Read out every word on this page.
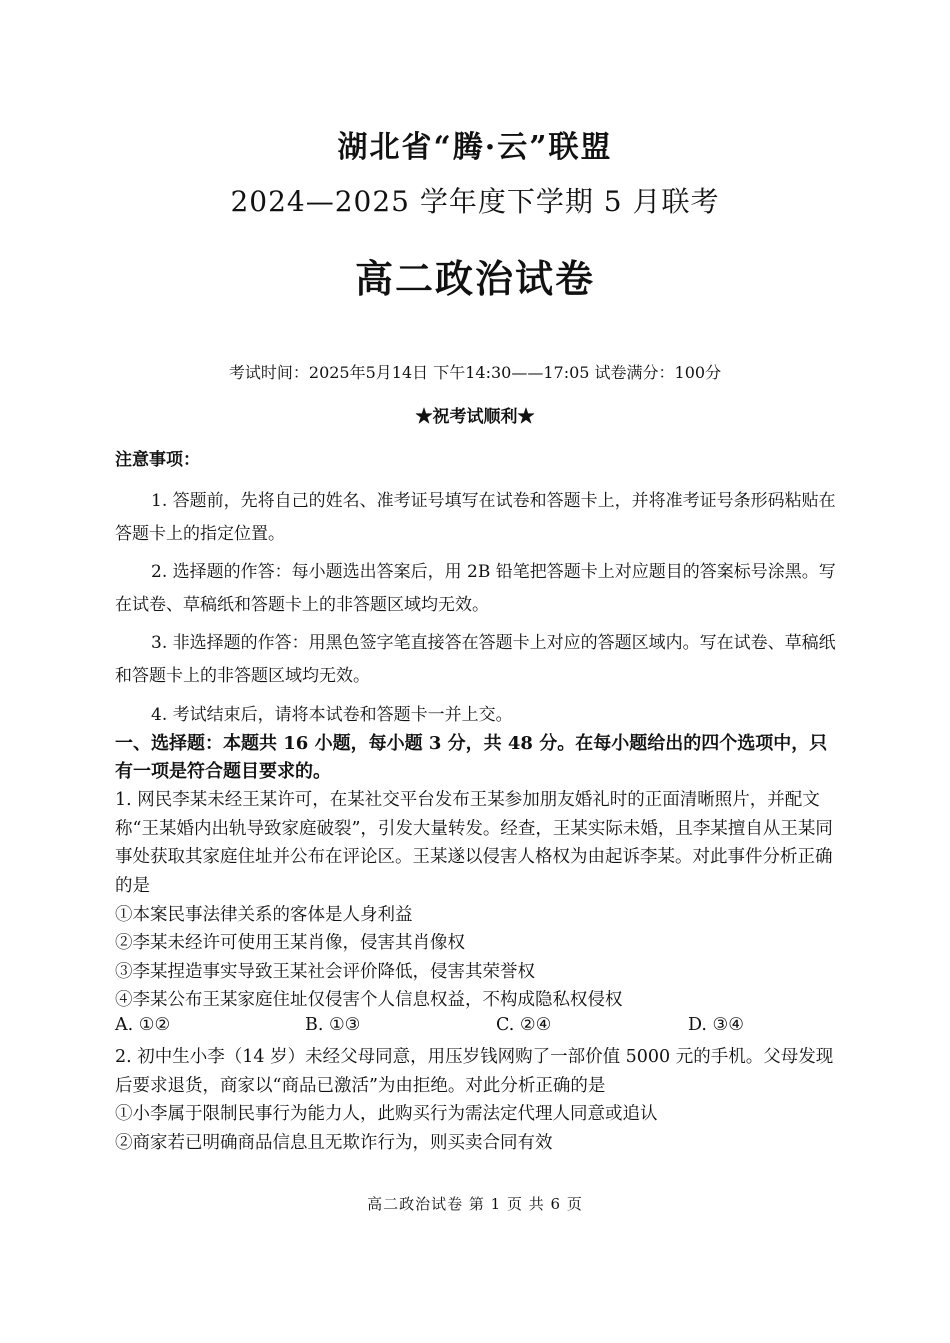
湖北省“腾·云”联盟
2024—2025 学年度下学期 5 月联考
高二政治试卷
考试时间：2025年5月14日 下午14:30——17:05 试卷满分：100分
★祝考试顺利★
注意事项：
1. 答题前，先将自己的姓名、准考证号填写在试卷和答题卡上，并将准考证号条形码粘贴在答题卡上的指定位置。
2. 选择题的作答：每小题选出答案后，用 2B 铅笔把答题卡上对应题目的答案标号涂黑。写在试卷、草稿纸和答题卡上的非答题区域均无效。
3. 非选择题的作答：用黑色签字笔直接答在答题卡上对应的答题区域内。写在试卷、草稿纸和答题卡上的非答题区域均无效。
4. 考试结束后，请将本试卷和答题卡一并上交。
一、选择题：本题共 16 小题，每小题 3 分，共 48 分。在每小题给出的四个选项中，只有一项是符合题目要求的。
1. 网民李某未经王某许可，在某社交平台发布王某参加朋友婚礼时的正面清晰照片，并配文称“王某婚内出轨导致家庭破裂”，引发大量转发。经查，王某实际未婚，且李某擅自从王某同事处获取其家庭住址并公布在评论区。王某遂以侵害人格权为由起诉李某。对此事件分析正确的是
①本案民事法律关系的客体是人身利益
②李某未经许可使用王某肖像，侵害其肖像权
③李某捏造事实导致王某社会评价降低，侵害其荣誉权
④李某公布王某家庭住址仅侵害个人信息权益，不构成隐私权侵权
A. ①②	B. ①③	C. ②④	D. ③④
2. 初中生小李（14 岁）未经父母同意，用压岁钱网购了一部价值 5000 元的手机。父母发现后要求退货，商家以“商品已激活”为由拒绝。对此分析正确的是
①小李属于限制民事行为能力人，此购买行为需法定代理人同意或追认
②商家若已明确商品信息且无欺诈行为，则买卖合同有效
高二政治试卷 第 1 页 共 6 页
